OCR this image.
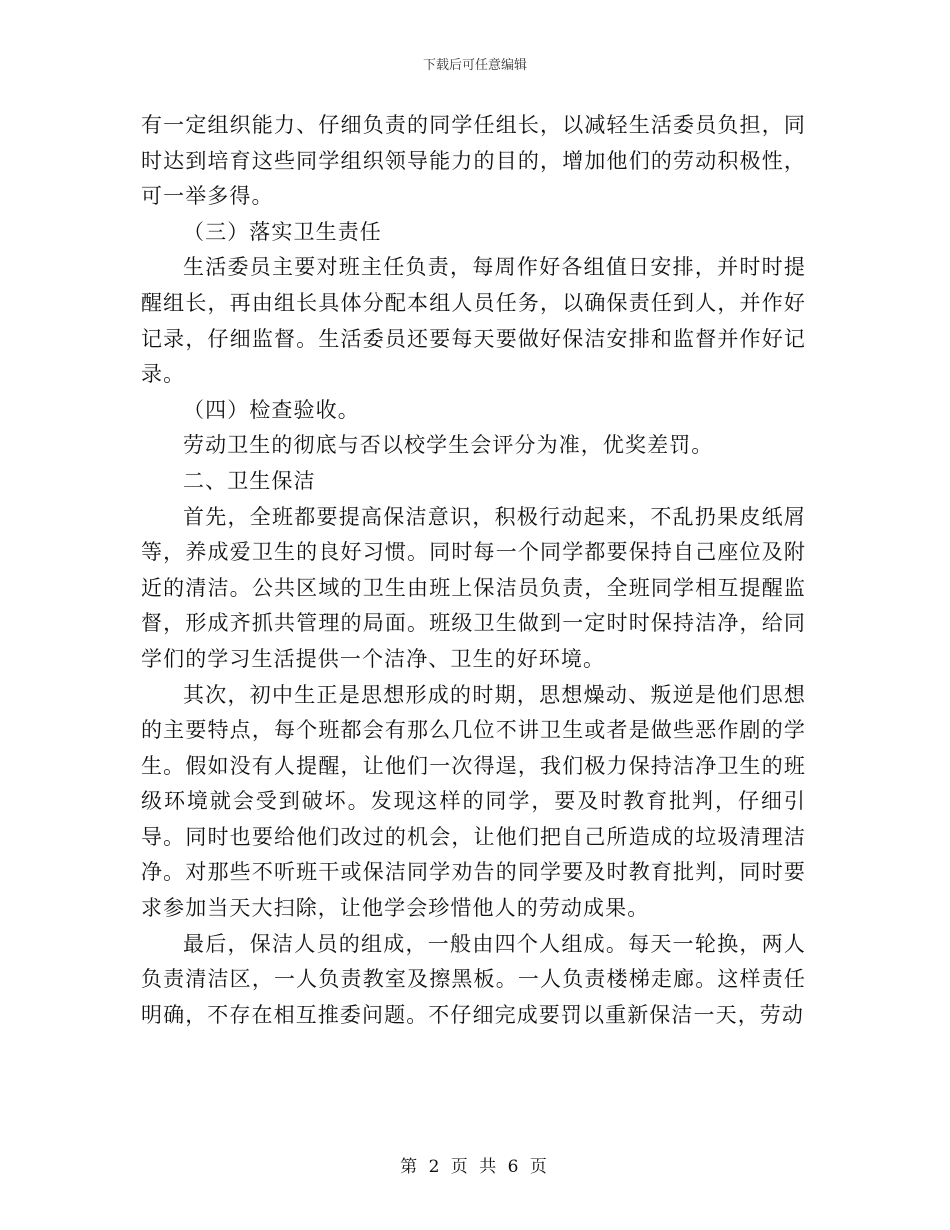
下载后可任意编辑

有一定组织能力、仔细负责的同学任组长，以减轻生活委员负担，同时达到培育这些同学组织领导能力的目的，增加他们的劳动积极性，可一举多得。

（三）落实卫生责任

生活委员主要对班主任负责，每周作好各组值日安排，并时时提醒组长，再由组长具体分配本组人员任务，以确保责任到人，并作好记录，仔细监督。生活委员还要每天要做好保洁安排和监督并作好记录。

（四）检查验收。

劳动卫生的彻底与否以校学生会评分为准，优奖差罚。

二、卫生保洁

首先，全班都要提高保洁意识，积极行动起来，不乱扔果皮纸屑等，养成爱卫生的良好习惯。同时每一个同学都要保持自己座位及附近的清洁。公共区域的卫生由班上保洁员负责，全班同学相互提醒监督，形成齐抓共管理的局面。班级卫生做到一定时时保持洁净，给同学们的学习生活提供一个洁净、卫生的好环境。

其次，初中生正是思想形成的时期，思想燥动、叛逆是他们思想的主要特点，每个班都会有那么几位不讲卫生或者是做些恶作剧的学生。假如没有人提醒，让他们一次得逞，我们极力保持洁净卫生的班级环境就会受到破坏。发现这样的同学，要及时教育批判，仔细引导。同时也要给他们改过的机会，让他们把自己所造成的垃圾清理洁净。对那些不听班干或保洁同学劝告的同学要及时教育批判，同时要求参加当天大扫除，让他学会珍惜他人的劳动成果。

最后，保洁人员的组成，一般由四个人组成。每天一轮换，两人负责清洁区，一人负责教室及擦黑板。一人负责楼梯走廊。这样责任明确，不存在相互推委问题。不仔细完成要罚以重新保洁一天，劳动

第 2 页 共 6 页
